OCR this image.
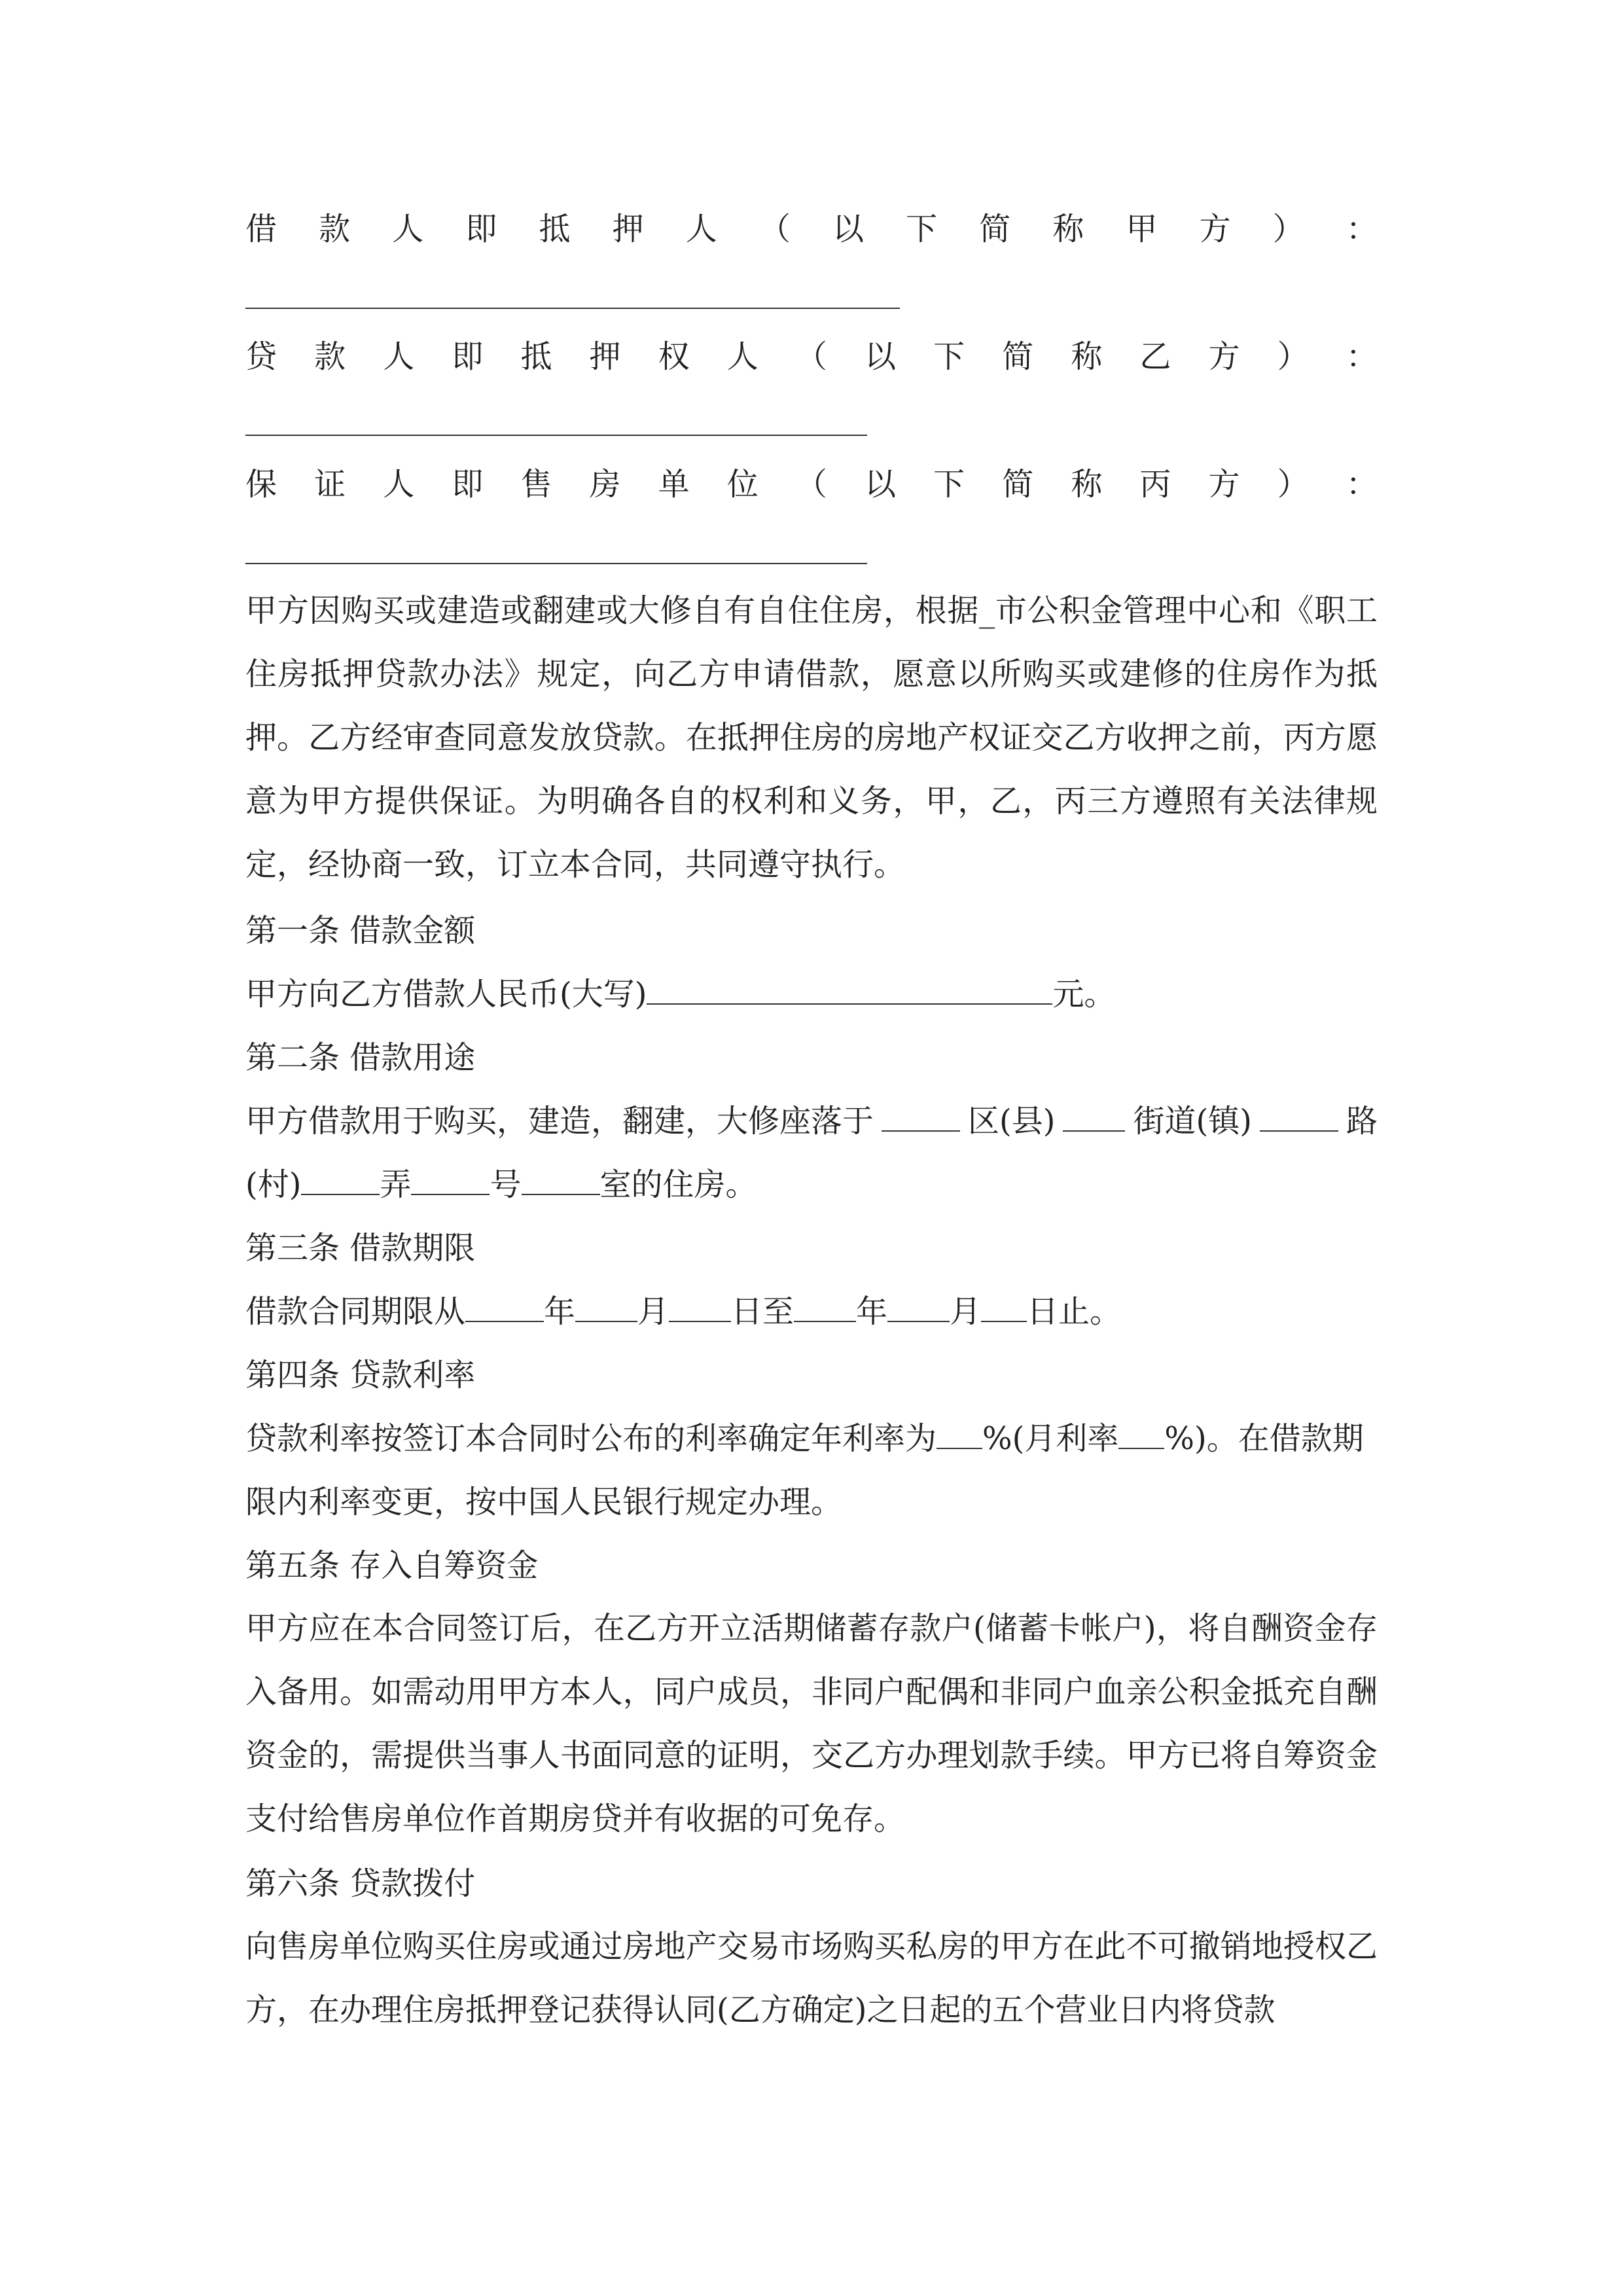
借 款 人 即 抵 押 人 （ 以 下 简 称 甲 方 ） ：
贷 款 人 即 抵 押 权 人 （ 以 下 简 称 乙 方 ） ：
保 证 人 即 售 房 单 位 （ 以 下 简 称 丙 方 ） ：
甲方因购买或建造或翻建或大修自有自住住房，根据_市公积金管理中心和《职工住房抵押贷款办法》规定，向乙方申请借款，愿意以所购买或建修的住房作为抵押。乙方经审查同意发放贷款。在抵押住房的房地产权证交乙方收押之前，丙方愿意为甲方提供保证。为明确各自的权利和义务，甲，乙，丙三方遵照有关法律规定，经协商一致，订立本合同，共同遵守执行。
第一条 借款金额
甲方向乙方借款人民币(大写)	元。
第二条 借款用途
甲方借款用于购买，建造，翻建，大修座落于	区(县) 街道(镇)	路
(村)	弄	号	室的住房。
第三条 借款期限
借款合同期限从	年 月 日至 年 月 日止。
第四条 贷款利率
贷款利率按签订本合同时公布的利率确定年利率为 %(月利率 %)。在借款期
限内利率变更，按中国人民银行规定办理。
第五条 存入自筹资金
甲方应在本合同签订后，在乙方开立活期储蓄存款户(储蓄卡帐户)，将自酬资金存入备用。如需动用甲方本人，同户成员，非同户配偶和非同户血亲公积金抵充自酬资金的，需提供当事人书面同意的证明，交乙方办理划款手续。甲方已将自筹资金支付给售房单位作首期房贷并有收据的可免存。
第六条 贷款拨付
向售房单位购买住房或通过房地产交易市场购买私房的甲方在此不可撤销地授权乙方，在办理住房抵押登记获得认同(乙方确定)之日起的五个营业日内将贷款
